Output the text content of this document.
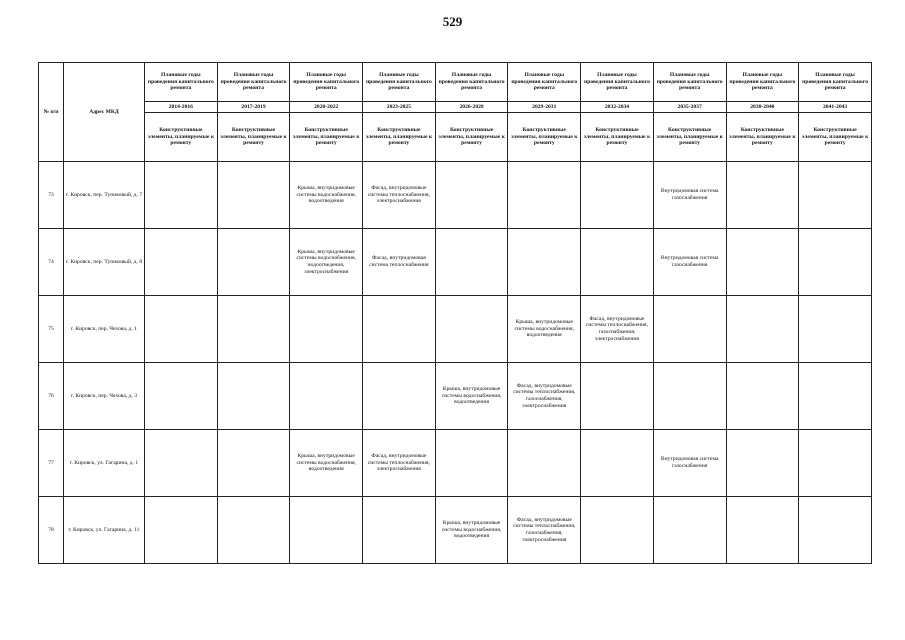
529
№ п/п	Адрес МКД	Плановые годы проведения капитального ремонта	Плановые годы проведения капитального ремонта	Плановые годы проведения капитального ремонта	Плановые годы проведения капитального ремонта	Плановые годы проведения капитального ремонта	Плановые годы проведения капитального ремонта	Плановые годы проведения капитального ремонта	Плановые годы проведения капитального ремонта	Плановые годы проведения капитального ремонта	Плановые годы проведения капитального ремонта
		2014-2016	2017-2019	2020-2022	2023-2025	2026-2028	2029-2031	2032-2034	2035-2037	2038-2040	2041-2043
		Конструктивные элементы, планируемые к ремонту	Конструктивные элементы, планируемые к ремонту	Конструктивные элементы, планируемые к ремонту	Конструктивные элементы, планируемые к ремонту	Конструктивные элементы, планируемые к ремонту	Конструктивные элементы, планируемые к ремонту	Конструктивные элементы, планируемые к ремонту	Конструктивные элементы, планируемые к ремонту	Конструктивные элементы, планируемые к ремонту	Конструктивные элементы, планируемые к ремонту
73	г. Кировск, пер. Тупиковый, д. 7			Крыша, внутридомовые системы водоснабжения, водоотведения	Фасад, внутридомовые системы теплоснабжения, электроснабжения				Внутридомовая система газоснабжения		
74	г. Кировск, пер. Тупиковый, д. 8			Крыша, внутридомовые системы водоснабжения, водоотведения, электроснабжения	Фасад, внутридомовая система теплоснабжения				Внутридомовая система газоснабжения		
75	г. Кировск, пер. Чехова, д. 1						Крыша, внутридомовые системы водоснабжения, водоотведения	Фасад, внутридомовые системы теплоснабжения, газоснабжения, электроснабжения			
76	г. Кировск, пер. Чехова, д. 3					Крыша, внутридомовые системы водоснабжения, водоотведения	Фасад, внутридомовые системы теплоснабжения, газоснабжения, электроснабжения				
77	г. Кировск, ул. Гагарина, д. 1			Крыша, внутридомовые системы водоснабжения, водоотведения	Фасад, внутридомовые системы теплоснабжения, электроснабжения				Внутридомовая система газоснабжения		
78	г. Кировск, ул. Гагарина, д. 11					Крыша, внутридомовые системы водоснабжения, водоотведения	Фасад, внутридомовые системы теплоснабжения, газоснабжения, электроснабжения				
